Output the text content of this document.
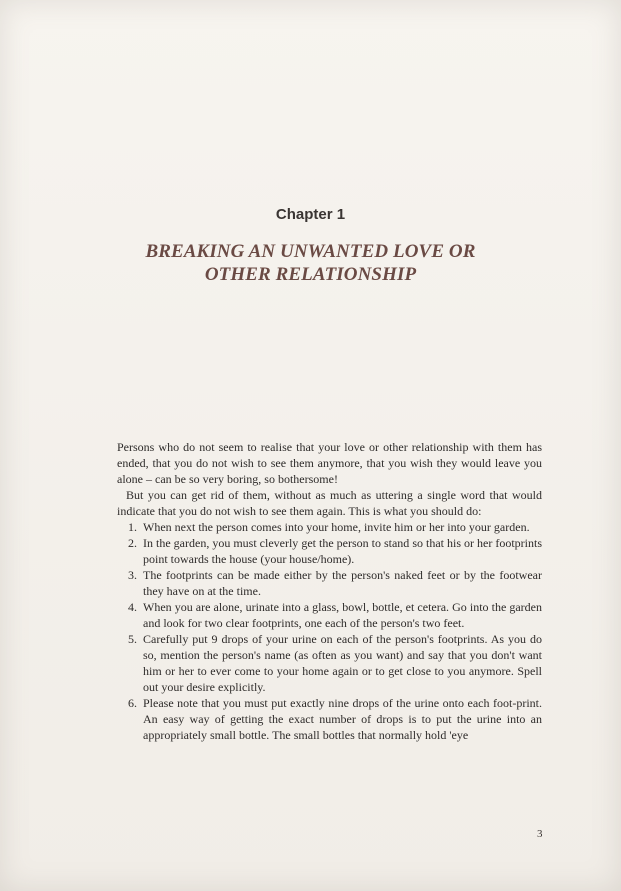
Chapter 1
BREAKING AN UNWANTED LOVE OR
OTHER RELATIONSHIP

Persons who do not seem to realise that your love or other relationship with them has ended, that you do not wish to see them anymore, that you wish they would leave you alone – can be so very boring, so bothersome!

But you can get rid of them, without as much as uttering a single word that would indicate that you do not wish to see them again. This is what you should do:

1. When next the person comes into your home, invite him or her into your garden.
2. In the garden, you must cleverly get the person to stand so that his or her footprints point towards the house (your house/home).
3. The footprints can be made either by the person's naked feet or by the footwear they have on at the time.
4. When you are alone, urinate into a glass, bowl, bottle, et cetera. Go into the garden and look for two clear footprints, one each of the person's two feet.
5. Carefully put 9 drops of your urine on each of the person's footprints. As you do so, mention the person's name (as often as you want) and say that you don't want him or her to ever come to your home again or to get close to you anymore. Spell out your desire explicitly.
6. Please note that you must put exactly nine drops of the urine onto each foot-print. An easy way of getting the exact number of drops is to put the urine into an appropriately small bottle. The small bottles that normally hold 'eye
3
